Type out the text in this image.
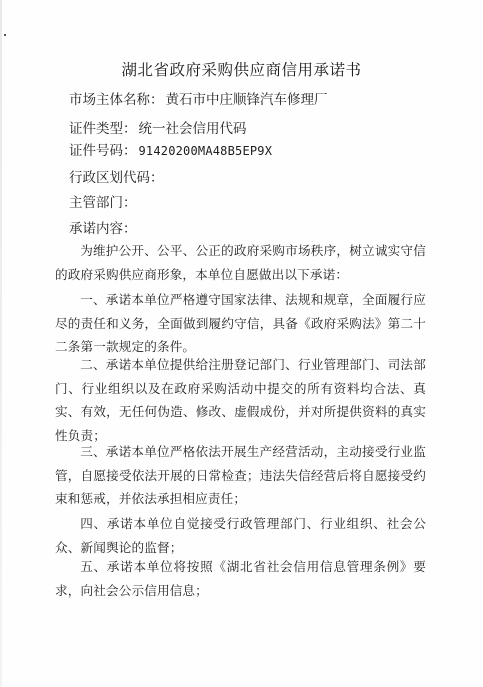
湖北省政府采购供应商信用承诺书
市场主体名称： 黄石市中庄顺锋汽车修理厂
证件类型： 统一社会信用代码
证件号码： 91420200MA48B5EP9X
行政区划代码：
主管部门：
承诺内容：

为维护公开、公平、公正的政府采购市场秩序，树立诚实守信的政府采购供应商形象，本单位自愿做出以下承诺：

一、承诺本单位严格遵守国家法律、法规和规章，全面履行应尽的责任和义务，全面做到履约守信，具备《政府采购法》第二十二条第一款规定的条件。

二、承诺本单位提供给注册登记部门、行业管理部门、司法部门、行业组织以及在政府采购活动中提交的所有资料均合法、真实、有效，无任何伪造、修改、虚假成份，并对所提供资料的真实性负责；

三、承诺本单位严格依法开展生产经营活动，主动接受行业监管，自愿接受依法开展的日常检查；违法失信经营后将自愿接受约束和惩戒，并依法承担相应责任；

四、承诺本单位自觉接受行政管理部门、行业组织、社会公众、新闻舆论的监督；

五、承诺本单位将按照《湖北省社会信用信息管理条例》要求，向社会公示信用信息；
